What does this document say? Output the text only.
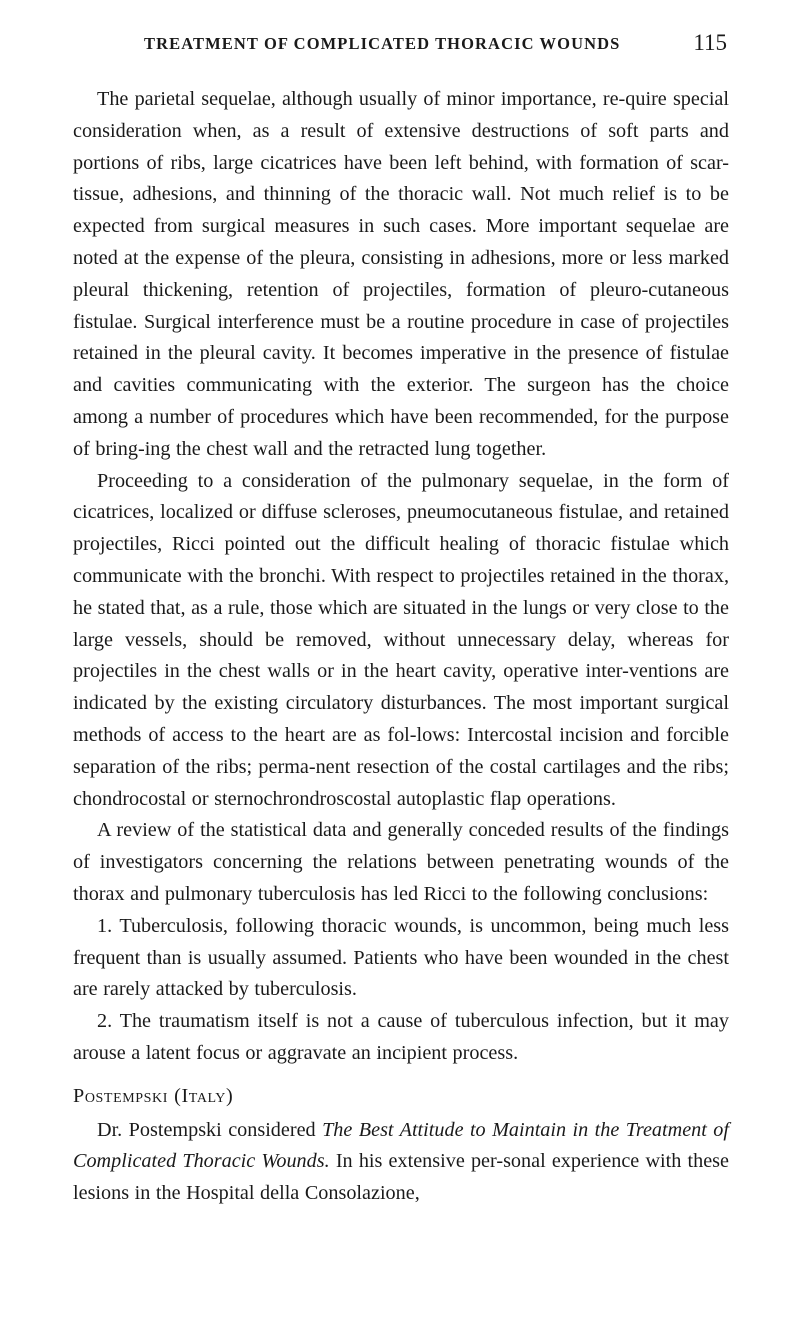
TREATMENT OF COMPLICATED THORACIC WOUNDS	115

The parietal sequelae, although usually of minor importance, re-quire special consideration when, as a result of extensive destructions of soft parts and portions of ribs, large cicatrices have been left behind, with formation of scar-tissue, adhesions, and thinning of the thoracic wall. Not much relief is to be expected from surgical measures in such cases. More important sequelae are noted at the expense of the pleura, consisting in adhesions, more or less marked pleural thickening, retention of projectiles, formation of pleuro-cutaneous fistulae. Surgical interference must be a routine procedure in case of projectiles retained in the pleural cavity. It becomes imperative in the presence of fistulae and cavities communicating with the exterior. The surgeon has the choice among a number of procedures which have been recommended, for the purpose of bring-ing the chest wall and the retracted lung together.

Proceeding to a consideration of the pulmonary sequelae, in the form of cicatrices, localized or diffuse scleroses, pneumocutaneous fistulae, and retained projectiles, Ricci pointed out the difficult healing of thoracic fistulae which communicate with the bronchi. With respect to projectiles retained in the thorax, he stated that, as a rule, those which are situated in the lungs or very close to the large vessels, should be removed, without unnecessary delay, whereas for projectiles in the chest walls or in the heart cavity, operative inter-ventions are indicated by the existing circulatory disturbances. The most important surgical methods of access to the heart are as fol-lows: Intercostal incision and forcible separation of the ribs; perma-nent resection of the costal cartilages and the ribs; chondrocostal or sternochrondroscostal autoplastic flap operations.

A review of the statistical data and generally conceded results of the findings of investigators concerning the relations between penetrating wounds of the thorax and pulmonary tuberculosis has led Ricci to the following conclusions:

1. Tuberculosis, following thoracic wounds, is uncommon, being much less frequent than is usually assumed. Patients who have been wounded in the chest are rarely attacked by tuberculosis.

2. The traumatism itself is not a cause of tuberculous infection, but it may arouse a latent focus or aggravate an incipient process.

Postempski (Italy)

Dr. Postempski considered The Best Attitude to Maintain in the Treatment of Complicated Thoracic Wounds. In his extensive per-sonal experience with these lesions in the Hospital della Consolazione,
